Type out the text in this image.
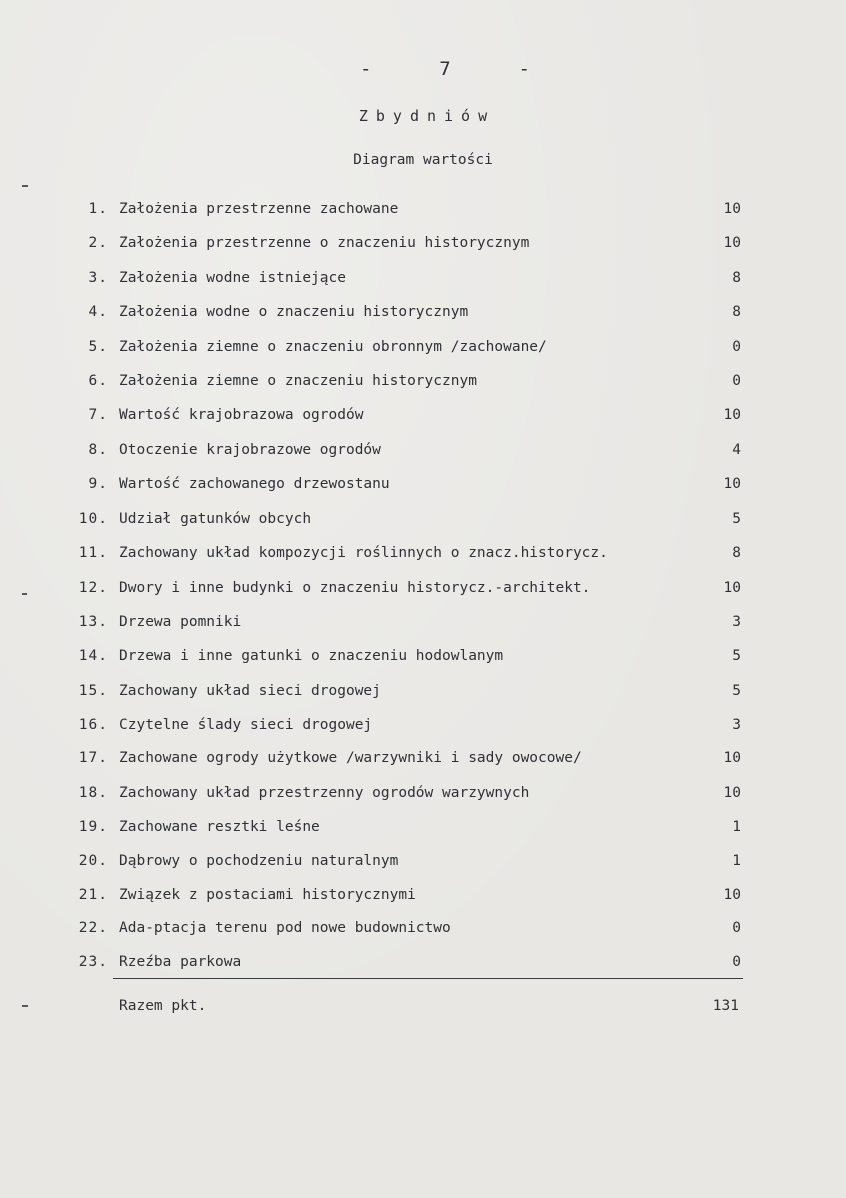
-	7	-
Zbydniów
Diagram wartości
1. Założenia przestrzenne zachowane	10
2. Założenia przestrzenne o znaczeniu historycznym	10
3. Założenia wodne istniejące	8
4. Założenia wodne o znaczeniu historycznym	8
5. Założenia ziemne o znaczeniu obronnym /zachowane/	0
6. Założenia ziemne o znaczeniu historycznym	0
7. Wartość krajobrazowa ogrodów	10
8. Otoczenie krajobrazowe ogrodów	4
9. Wartość zachowanego drzewostanu	10
10. Udział gatunków obcych	5
11. Zachowany układ kompozycji roślinnych o znacz.historycz.	8
12. Dwory i inne budynki o znaczeniu historycz.-architekt.	10
13. Drzewa pomniki	3
14. Drzewa i inne gatunki o znaczeniu hodowlanym	5
15. Zachowany układ sieci drogowej	5
16. Czytelne ślady sieci drogowej	3
17. Zachowane ogrody użytkowe /warzywniki i sady owocowe/	10
18. Zachowany układ przestrzenny ogrodów warzywnych	10
19. Zachowane resztki leśne	1
20. Dąbrowy o pochodzeniu naturalnym	1
21. Związek z postaciami historycznymi	10
22. Ada-ptacja terenu pod nowe budownictwo	0
23. Rzeźba parkowa	0
Razem pkt.	131
